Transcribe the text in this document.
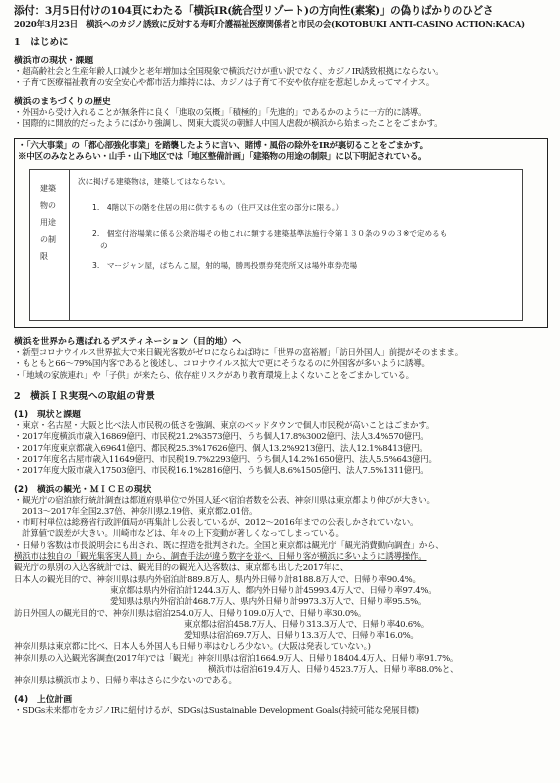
添付：3月5日付けの104頁にわたる「横浜IR(統合型リゾート)の方向性(素案)」の偽りばかりのひどさ
2020年3月23日　横浜へのカジノ誘致に反対する寿町介護福祉医療関係者と市民の会(KOTOBUKI ANTI-CASINO ACTION:KACA)
1　はじめに
横浜市の現状・課題
・超高齢社会と生産年齢人口減少と老年増加は全国現象で横浜だけが重い訳でなく、カジノIR誘致根拠にならない。
・子育て医療福祉教育の安全安心や都市活力維持には、カジノは子育て不安や依存症を惹起しかえってマイナス。
横浜のまちづくりの歴史
・外国から受け入れることが無条件に良く「進取の気概」「積極的」「先進的」であるかのように一方的に誘導。
・国際的に開放的だったようにばかり強調し、関東大震災の朝鮮人中国人虐殺が横浜から始まったことをごまかす。
・「六大事業」の「都心部強化事業」を踏襲したように言い、賭博・風俗の除外をIRが裏切ることをごまかす。
※中区のみなとみらい・山手・山下地区では「地区整備計画」「建築物の用途の制限」に以下明記されている。
建築
物の
用途
の制
限
次に掲げる建築物は，建築してはならない。
1.　4階以下の階を住居の用に供するもの（住戸又は住室の部分に限る。）
2.　個室付浴場業に係る公衆浴場その他これに類する建築基準法施行令第１３０条の９の３※で定めるも
の
3.　マージャン屋，ぱちんこ屋，射的場，勝馬投票券発売所又は場外車券売場
横浜を世界から選ばれるデスティネーション（目的地）へ
・新型コロナウイルス世界拡大で来日観光客数がゼロにならねば時に「世界の富裕層」「訪日外国人」前提がそのままま。
・もともと66～79%国内客であると後述し、コロナウイルス拡大で更にそうなるのに外国客が多いように誘導。
・「地域の家族連れ」や「子供」が来たら、依存症リスクがあり教育環境上よくないことをごまかしている。
2　横浜ＩＲ実現への取組の背景
(1)　現状と課題
・東京・名古屋・大阪と比べ法人市民税の低さを強調、東京のベッドタウンで個人市民税が高いことはごまかす。
・2017年度横浜市歳入16869億円、市民税21.2%3573億円、うち個人17.8%3002億円、法人3.4%570億円。
・2017年度東京都歳入69641億円、都民税25.3%17626億円、個人13.2%9213億円、法人12.1%8413億円。
・2017年度名古屋市歳入11649億円、市民税19.7%2293億円、うち個人14.2%1650億円、法人5.5%643億円。
・2017年度大阪市歳入17503億円、市民税16.1%2816億円、うち個人8.6%1505億円、法人7.5%1311億円。
(2)　横浜の観光・ＭＩＣＥの現状
・観光庁の宿泊旅行統計調査は都道府県単位で外国人延べ宿泊者数を公表、神奈川県は東京都より伸びが大きい。
2013～2017年全国2.37倍、神奈川県2.19倍、東京都2.01倍。
・市町村単位は総務省行政評価局が再集計し公表しているが、2012～2016年までの公表しかされていない。
計算値で誤差が大きい。川崎市などは、年々の上下変動が著しくなってしまっている。
・日帰り客数は市長説明会にも出され、既に捏造を批判された。全国と東京都は観光庁「観光消費動向調査」から、
横浜市は独自の「観光集客実人員」から、調査手法が違う数字を並べ、日帰り客が横浜に多いように誘導操作。
観光庁の県別の入込客統計では、観光目的の観光入込客数は、東京都も出した2017年に、
日本人の観光目的で、神奈川県は県内外宿泊計889.8万人、県内外日帰り計8188.8万人で、日帰り率90.4%。
東京都は県内外宿泊計1244.3万人、都内外日帰り計45993.4万人で、日帰り率97.4%。
愛知県は県内外宿泊計468.7万人、県内外日帰り計9973.3万人で、日帰り率95.5%。
訪日外国人の観光目的で、神奈川県は宿泊254.0万人、日帰り109.0万人で、日帰り率30.0%。
東京都は宿泊458.7万人、日帰り313.3万人で、日帰り率40.6%。
愛知県は宿泊69.7万人、日帰り13.3万人で、日帰り率16.0%。
神奈川県は東京都に比べ、日本人も外国人も日帰り率はむしろ少ない。(大阪は発表していない。)
神奈川県の入込観光客調査(2017年)では「観光」神奈川県は宿泊1664.9万人、日帰り18404.4万人、日帰り率91.7%。
横浜市は宿泊619.4万人、日帰り4523.7万人、日帰り率88.0%と、
神奈川県は横浜市より、日帰り率はさらに少ないのである。
(4)　上位計画
・SDGs未来都市をカジノIRに紐付けるが、SDGsはSustainable Development Goals(持続可能な発展目標)
